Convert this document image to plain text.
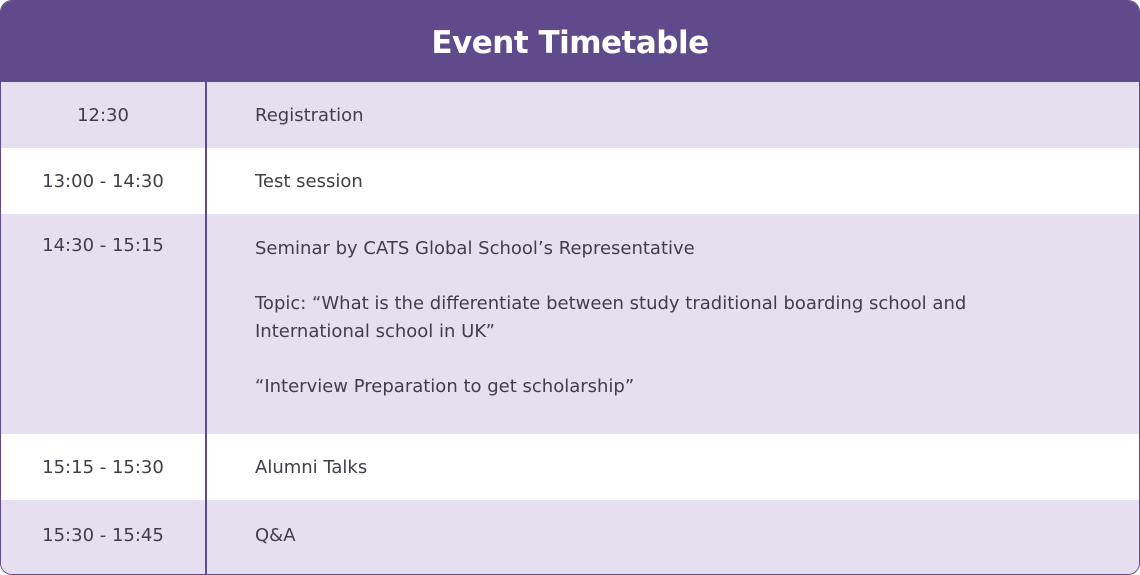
Event Timetable
12:30	Registration
13:00 - 14:30	Test session
14:30 - 15:15	Seminar by CATS Global School’s Representative

Topic: “What is the differentiate between study traditional boarding school and International school in UK”

“Interview Preparation to get scholarship”

15:15 - 15:30	Alumni Talks
15:30 - 15:45	Q&A
